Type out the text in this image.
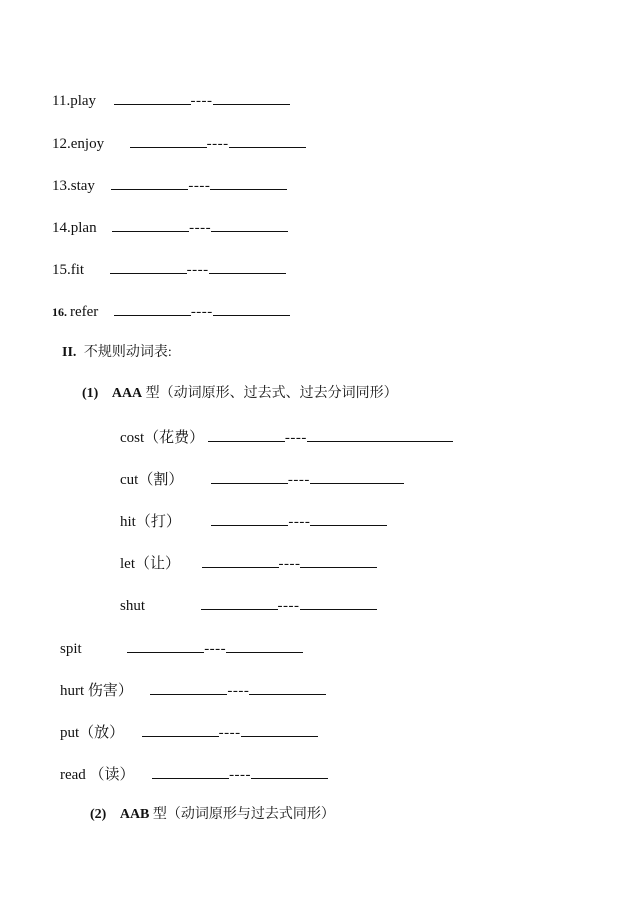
11.play	----
12.enjoy	----
13.stay	----
14.plan	----
15.fit	----
16. refer	----
II. 不规则动词表:
(1) AAA 型（动词原形、过去式、过去分词同形）
cost（花费）	----
cut（割）	----
hit（打）	----
let（让）	----
shut	----
spit	----
hurt 伤害）	----
put（放）	----
read （读）	----
(2) AAB 型（动词原形与过去式同形）
